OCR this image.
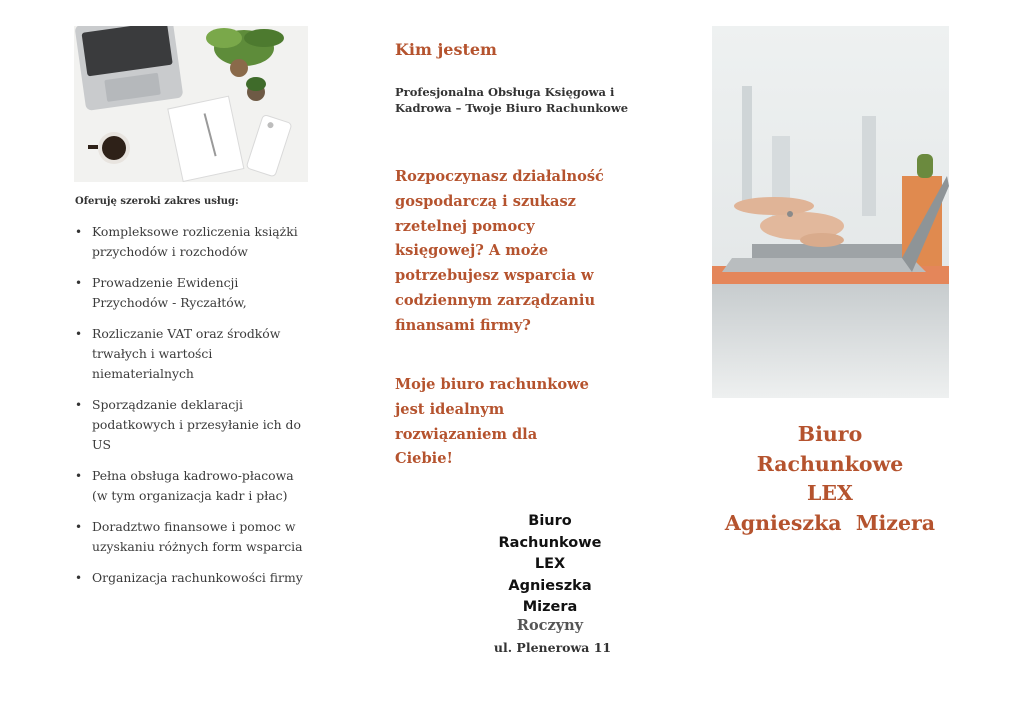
Oferuję szeroki zakres usług:
• Kompleksowe rozliczenia książki przychodów i rozchodów
• Prowadzenie Ewidencji Przychodów - Ryczałtów,
• Rozliczanie VAT oraz środków trwałych i wartości niematerialnych
• Sporządzanie deklaracji podatkowych i przesyłanie ich do US
• Pełna obsługa kadrowo-płacowa (w tym organizacja kadr i płac)
• Doradztwo finansowe i pomoc w uzyskaniu różnych form wsparcia
• Organizacja rachunkowości firmy
Kim jestem
Profesjonalna Obsługa Księgowa i Kadrowa – Twoje Biuro Rachunkowe
Rozpoczynasz działalność gospodarczą i szukasz rzetelnej pomocy księgowej? A może potrzebujesz wsparcia w codziennym zarządzaniu finansami firmy?
Moje biuro rachunkowe jest idealnym rozwiązaniem dla Ciebie!
Biuro
Rachunkowe
LEX
Agnieszka
Mizera
Roczyny
ul. Plenerowa 11
Biuro
Rachunkowe
LEX
Agnieszka  Mizera
